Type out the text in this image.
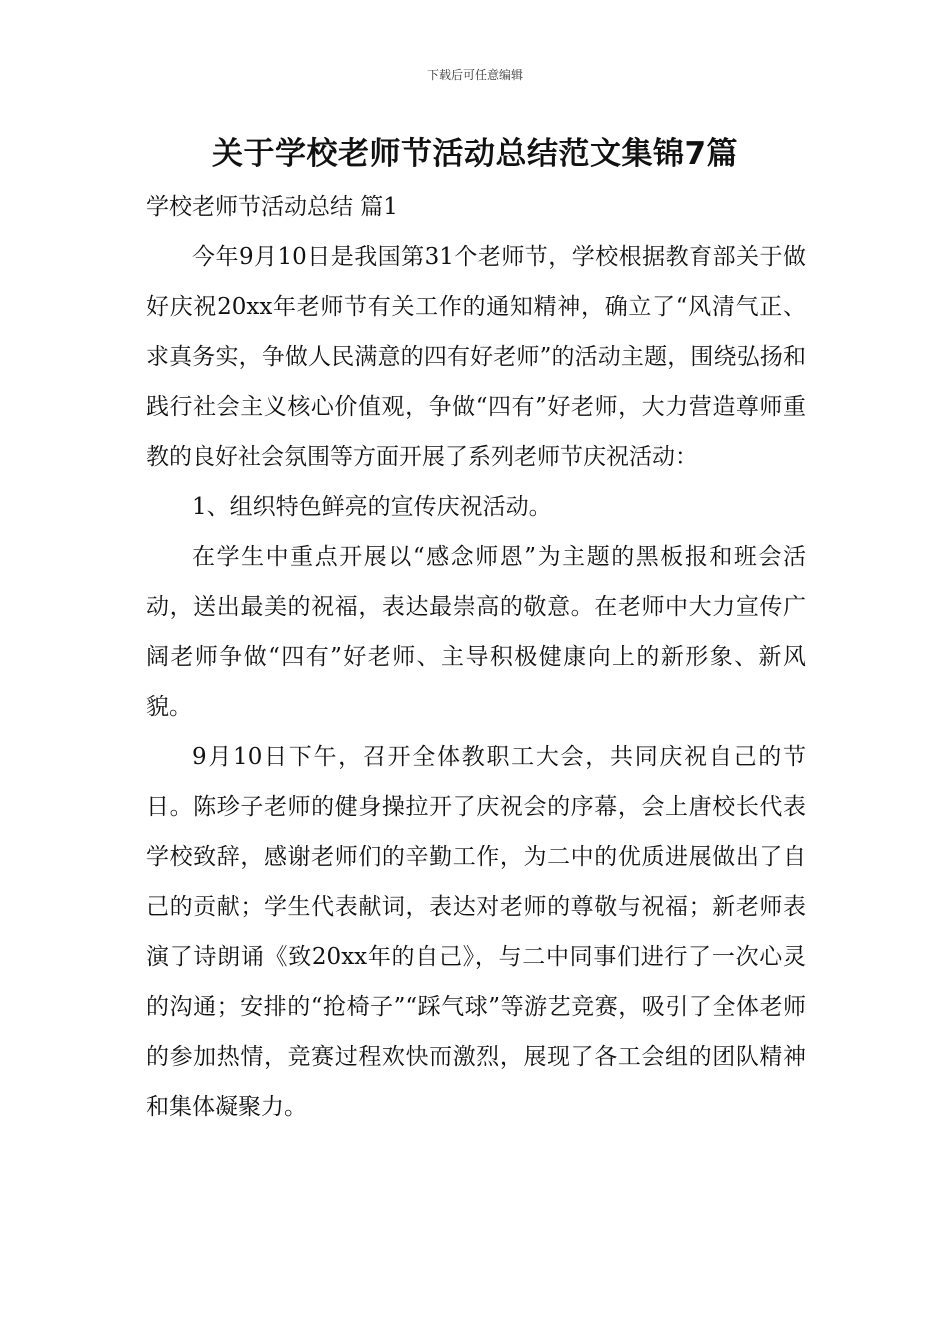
下载后可任意编辑
关于学校老师节活动总结范文集锦7篇

学校老师节活动总结 篇1

今年9月10日是我国第31个老师节，学校根据教育部关于做好庆祝20xx年老师节有关工作的通知精神，确立了“风清气正、求真务实，争做人民满意的四有好老师”的活动主题，围绕弘扬和践行社会主义核心价值观，争做“四有”好老师，大力营造尊师重教的良好社会氛围等方面开展了系列老师节庆祝活动：

1、组织特色鲜亮的宣传庆祝活动。

在学生中重点开展以“感念师恩”为主题的黑板报和班会活动，送出最美的祝福，表达最崇高的敬意。在老师中大力宣传广阔老师争做“四有”好老师、主导积极健康向上的新形象、新风貌。

9月10日下午，召开全体教职工大会，共同庆祝自己的节日。陈珍子老师的健身操拉开了庆祝会的序幕，会上唐校长代表学校致辞，感谢老师们的辛勤工作，为二中的优质进展做出了自己的贡献；学生代表献词，表达对老师的尊敬与祝福；新老师表演了诗朗诵《致20xx年的自己》，与二中同事们进行了一次心灵的沟通；安排的“抢椅子”“踩气球”等游艺竞赛，吸引了全体老师的参加热情，竞赛过程欢快而激烈，展现了各工会组的团队精神和集体凝聚力。
